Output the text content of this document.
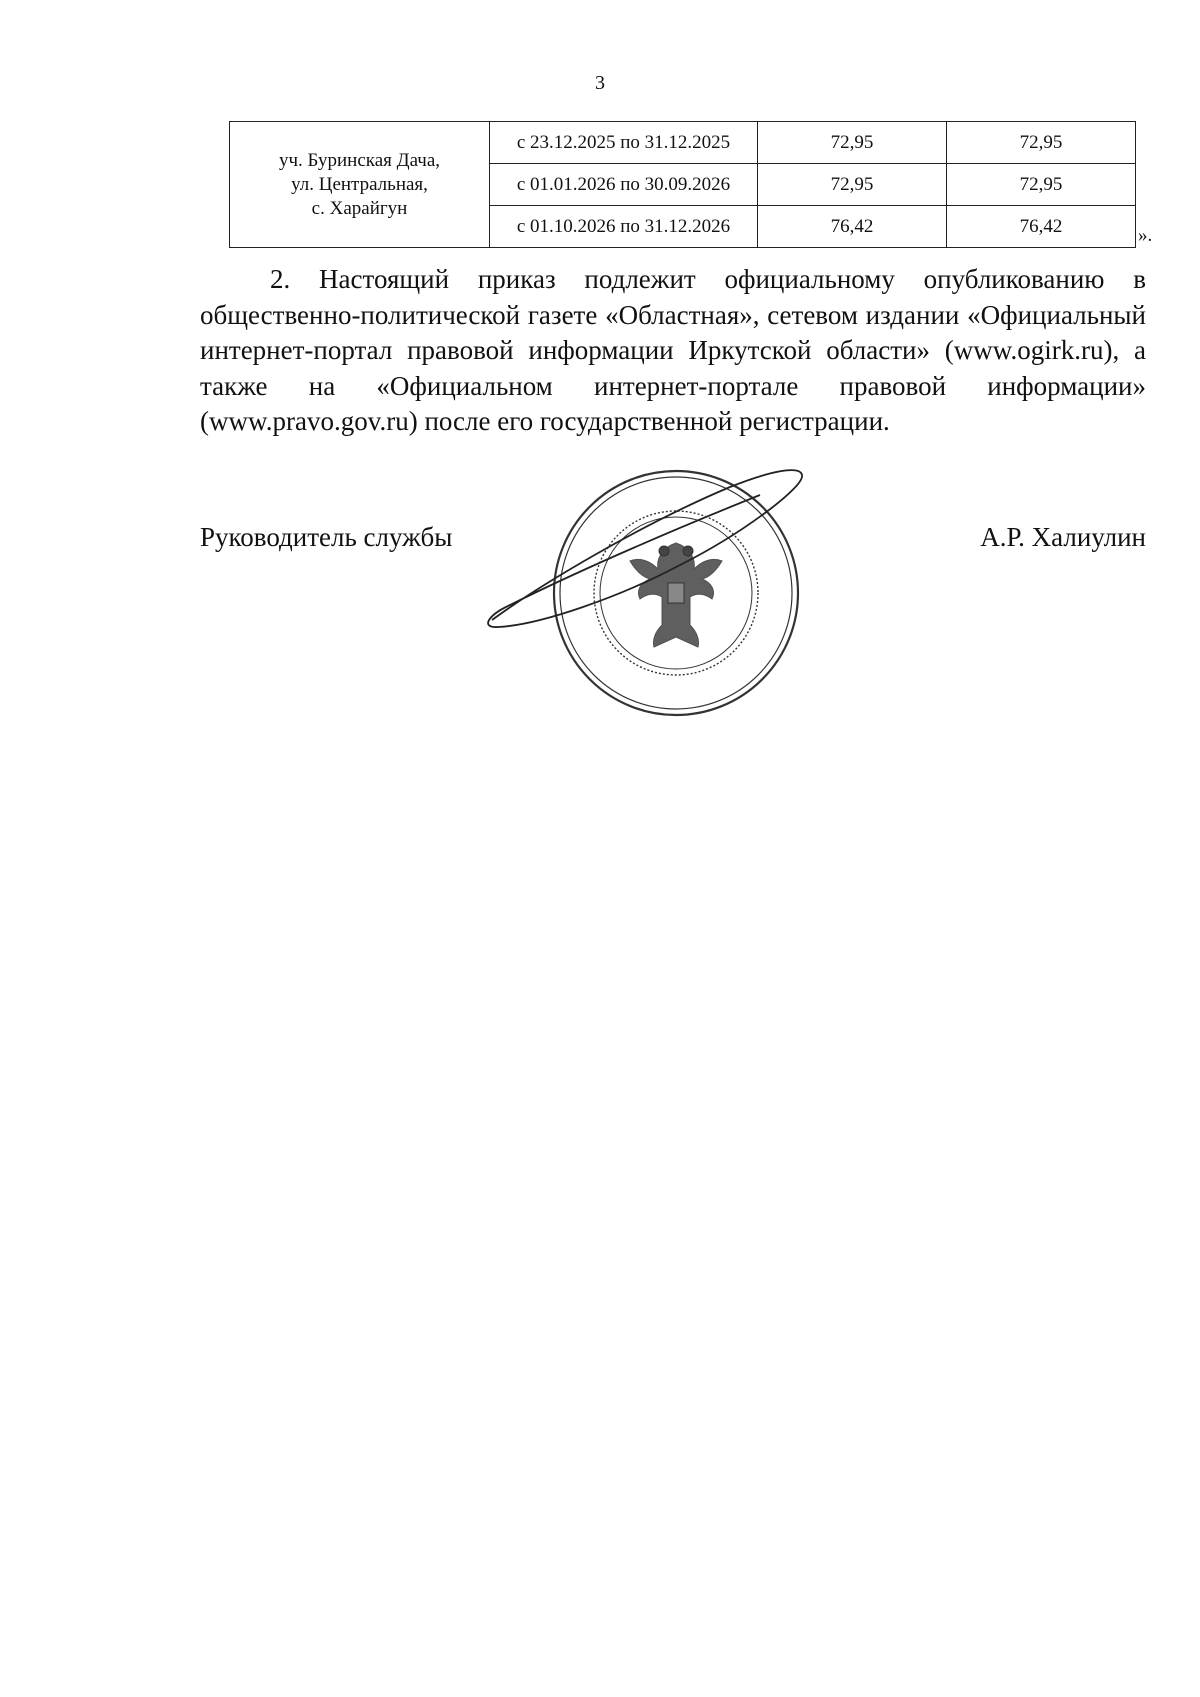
3
уч. Буринская Дача,
ул. Центральная,
с. Харайгун	с 23.12.2025 по 31.12.2025	72,95	72,95
	с 01.01.2026 по 30.09.2026	72,95	72,95
	с 01.10.2026 по 31.12.2026	76,42	76,42	».
2. Настоящий приказ подлежит официальному опубликованию в общественно-политической газете «Областная», сетевом издании «Официальный интернет-портал правовой информации Иркутской области» (www.ogirk.ru), а также на «Официальном интернет-портале правовой информации» (www.pravo.gov.ru) после его государственной регистрации.
Руководитель службы	А.Р. Халиулин
